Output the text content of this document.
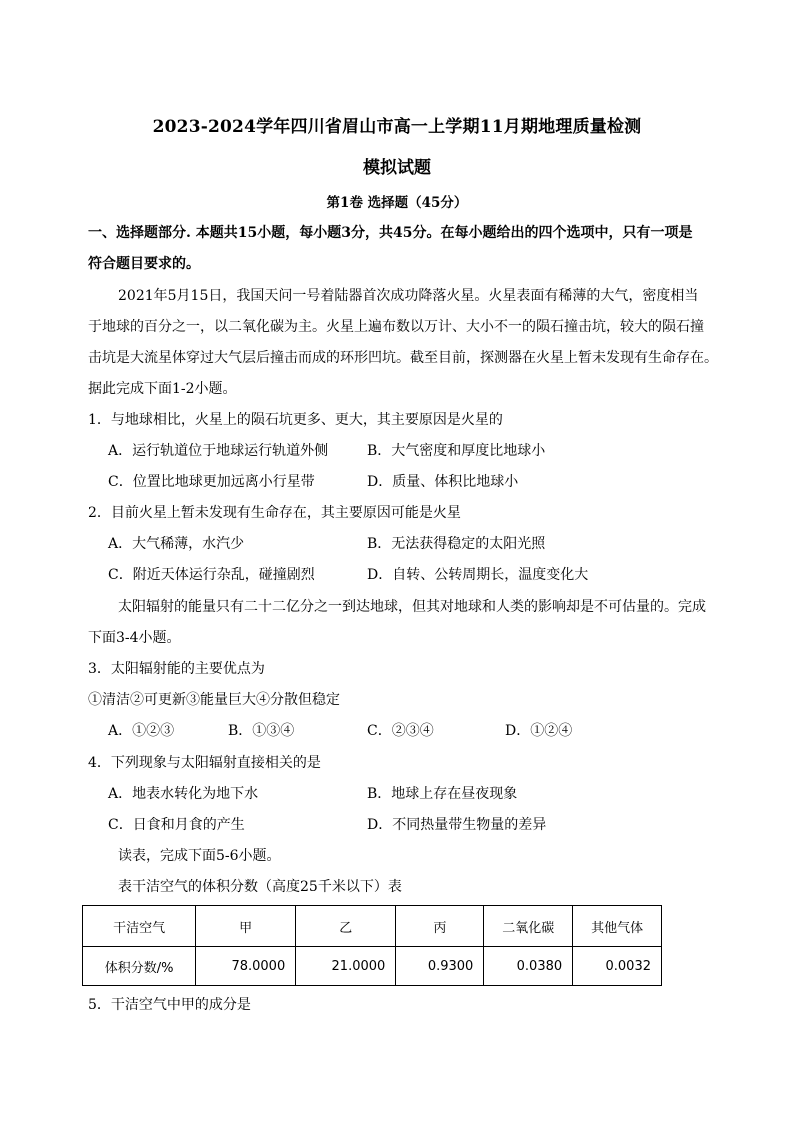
2023-2024学年四川省眉山市高一上学期11月期地理质量检测
模拟试题
第1卷 选择题（45分）
一、选择题部分. 本题共15小题，每小题3分，共45分。在每小题给出的四个选项中，只有一项是
符合题目要求的。
2021年5月15日，我国天问一号着陆器首次成功降落火星。火星表面有稀薄的大气，密度相当
于地球的百分之一，以二氧化碳为主。火星上遍布数以万计、大小不一的陨石撞击坑，较大的陨石撞
击坑是大流星体穿过大气层后撞击而成的环形凹坑。截至目前，探测器在火星上暂未发现有生命存在。
据此完成下面1-2小题。
1．与地球相比，火星上的陨石坑更多、更大，其主要原因是火星的
A．运行轨道位于地球运行轨道外侧	B．大气密度和厚度比地球小
C．位置比地球更加远离小行星带	D．质量、体积比地球小
2．目前火星上暂未发现有生命存在，其主要原因可能是火星
A．大气稀薄，水汽少	B．无法获得稳定的太阳光照
C．附近天体运行杂乱，碰撞剧烈	D．自转、公转周期长，温度变化大
太阳辐射的能量只有二十二亿分之一到达地球，但其对地球和人类的影响却是不可估量的。完成
下面3-4小题。
3．太阳辐射能的主要优点为
①清洁②可更新③能量巨大④分散但稳定
A．①②③	B．①③④	C．②③④	D．①②④
4．下列现象与太阳辐射直接相关的是
A．地表水转化为地下水	B．地球上存在昼夜现象
C．日食和月食的产生	D．不同热量带生物量的差异
读表，完成下面5-6小题。
表干洁空气的体积分数（高度25千米以下）表
干洁空气	甲	乙	丙	二氧化碳	其他气体
体积分数/%	78.0000	21.0000	0.9300	0.0380	0.0032
5．干洁空气中甲的成分是
